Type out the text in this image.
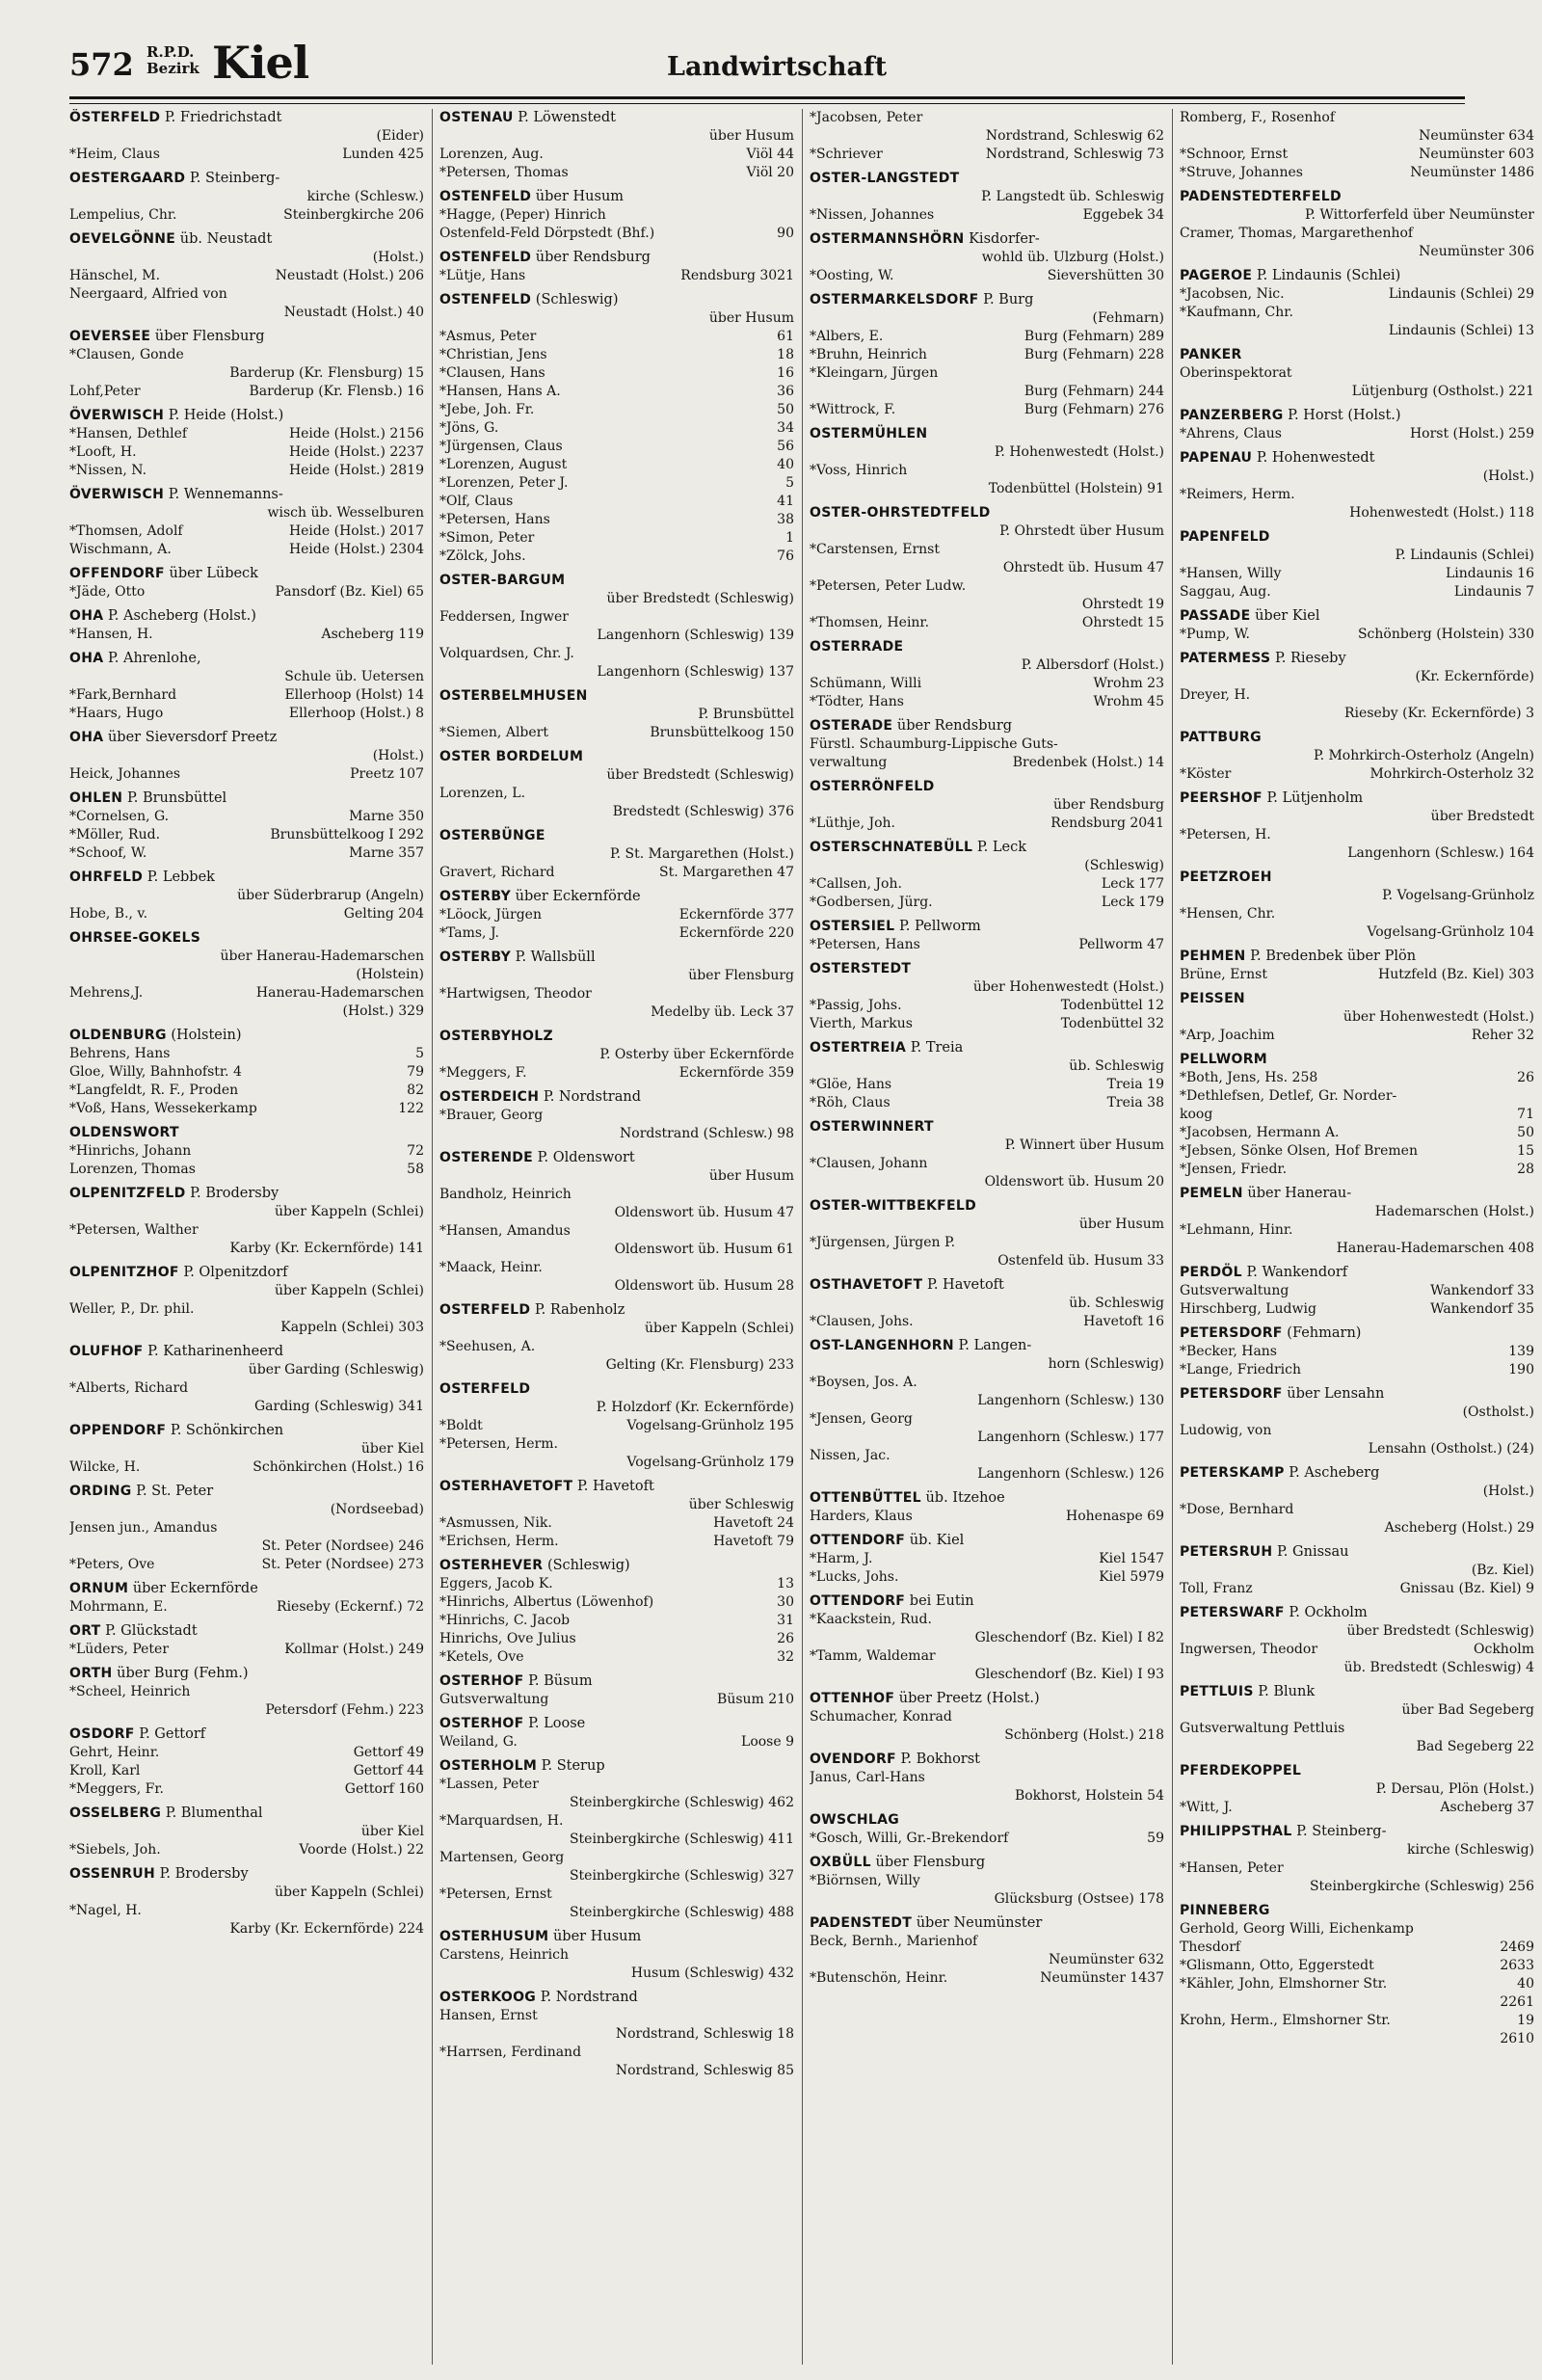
572 R.P.D.
Bezirk Kiel	Landwirtschaft
ÖSTERFELD P. Friedrichstadt
(Eider)
Lunden 425
*Heim, Claus
OESTERGAARD P. Steinberg-
kirche (Schlesw.)
Steinbergkirche 206
Lempelius, Chr.
OEVELGÖNNE üb. Neustadt
(Holst.)
Neustadt (Holst.) 206
Hänschel, M.
Neergaard, Alfried von
Neustadt (Holst.) 40
OEVERSEE über Flensburg
*Clausen, Gonde
Barderup (Kr. Flensburg) 15
Barderup (Kr. Flensb.) 16
Lohf,Peter
ÖVERWISCH P. Heide (Holst.)
Heide (Holst.) 2156
*Hansen, Dethlef
Heide (Holst.) 2237
*Looft, H.
Heide (Holst.) 2819
*Nissen, N.
ÖVERWISCH P. Wennemanns-
wisch üb. Wesselburen
Heide (Holst.) 2017
*Thomsen, Adolf
Heide (Holst.) 2304
Wischmann, A.
OFFENDORF über Lübeck
Pansdorf (Bz. Kiel) 65
*Jäde, Otto
OHA P. Ascheberg (Holst.)
Ascheberg 119
*Hansen, H.
OHA P. Ahrenlohe,
Schule üb. Uetersen
Ellerhoop (Holst) 14
*Fark,Bernhard
Ellerhoop (Holst.) 8
*Haars, Hugo
OHA über Sieversdorf Preetz
(Holst.)
Preetz 107
Heick, Johannes
OHLEN P. Brunsbüttel
Marne 350
*Cornelsen, G.
Brunsbüttelkoog I 292
*Möller, Rud.
Marne 357
*Schoof, W.
OHRFELD P. Lebbek
über Süderbrarup (Angeln)
Gelting 204
Hobe, B., v.
OHRSEE-GOKELS
über Hanerau-Hademarschen
(Holstein)
Hanerau-Hademarschen
Mehrens,J.
(Holst.) 329
OLDENBURG (Holstein)
5
Behrens, Hans
79
Gloe, Willy, Bahnhofstr. 4
82
*Langfeldt, R. F., Proden
122
*Voß, Hans, Wessekerkamp
OLDENSWORT
72
*Hinrichs, Johann
58
Lorenzen, Thomas
OLPENITZFELD P. Brodersby
über Kappeln (Schlei)
*Petersen, Walther
Karby (Kr. Eckernförde) 141
OLPENITZHOF P. Olpenitzdorf
über Kappeln (Schlei)
Weller, P., Dr. phil.
Kappeln (Schlei) 303
OLUFHOF P. Katharinenheerd
über Garding (Schleswig)
*Alberts, Richard
Garding (Schleswig) 341
OPPENDORF P. Schönkirchen
über Kiel
Schönkirchen (Holst.) 16
Wilcke, H.
ORDING P. St. Peter
(Nordseebad)
Jensen jun., Amandus
St. Peter (Nordsee) 246
St. Peter (Nordsee) 273
*Peters, Ove
ORNUM über Eckernförde
Rieseby (Eckernf.) 72
Mohrmann, E.
ORT P. Glückstadt
Kollmar (Holst.) 249
*Lüders, Peter
ORTH über Burg (Fehm.)
*Scheel, Heinrich
Petersdorf (Fehm.) 223
OSDORF P. Gettorf
Gettorf 49
Gehrt, Heinr.
Gettorf 44
Kroll, Karl
Gettorf 160
*Meggers, Fr.
OSSELBERG P. Blumenthal
über Kiel
Voorde (Holst.) 22
*Siebels, Joh.
OSSENRUH P. Brodersby
über Kappeln (Schlei)
*Nagel, H.
Karby (Kr. Eckernförde) 224
OSTENAU P. Löwenstedt
über Husum
Viöl 44
Lorenzen, Aug.
Viöl 20
*Petersen, Thomas
OSTENFELD über Husum
*Hagge, (Peper) Hinrich
90
Ostenfeld-Feld Dörpstedt (Bhf.)
OSTENFELD über Rendsburg
Rendsburg 3021
*Lütje, Hans
OSTENFELD (Schleswig)
über Husum
61
*Asmus, Peter
18
*Christian, Jens
16
*Clausen, Hans
36
*Hansen, Hans A.
50
*Jebe, Joh. Fr.
34
*Jöns, G.
56
*Jürgensen, Claus
40
*Lorenzen, August
5
*Lorenzen, Peter J.
41
*Olf, Claus
38
*Petersen, Hans
1
*Simon, Peter
76
*Zölck, Johs.
OSTER-BARGUM
über Bredstedt (Schleswig)
Feddersen, Ingwer
Langenhorn (Schleswig) 139
Volquardsen, Chr. J.
Langenhorn (Schleswig) 137
OSTERBELMHUSEN
P. Brunsbüttel
Brunsbüttelkoog 150
*Siemen, Albert
OSTER BORDELUM
über Bredstedt (Schleswig)
Lorenzen, L.
Bredstedt (Schleswig) 376
OSTERBÜNGE
P. St. Margarethen (Holst.)
St. Margarethen 47
Gravert, Richard
OSTERBY über Eckernförde
Eckernförde 377
*Löock, Jürgen
Eckernförde 220
*Tams, J.
OSTERBY P. Wallsbüll
über Flensburg
*Hartwigsen, Theodor
Medelby üb. Leck 37
OSTERBYHOLZ
P. Osterby über Eckernförde
Eckernförde 359
*Meggers, F.
OSTERDEICH P. Nordstrand
*Brauer, Georg
Nordstrand (Schlesw.) 98
OSTERENDE P. Oldenswort
über Husum
Bandholz, Heinrich
Oldenswort üb. Husum 47
*Hansen, Amandus
Oldenswort üb. Husum 61
*Maack, Heinr.
Oldenswort üb. Husum 28
OSTERFELD P. Rabenholz
über Kappeln (Schlei)
*Seehusen, A.
Gelting (Kr. Flensburg) 233
OSTERFELD
P. Holzdorf (Kr. Eckernförde)
Vogelsang-Grünholz 195
*Boldt
*Petersen, Herm.
Vogelsang-Grünholz 179
OSTERHAVETOFT P. Havetoft
über Schleswig
Havetoft 24
*Asmussen, Nik.
Havetoft 79
*Erichsen, Herm.
OSTERHEVER (Schleswig)
13
Eggers, Jacob K.
30
*Hinrichs, Albertus (Löwenhof)
31
*Hinrichs, C. Jacob
26
Hinrichs, Ove Julius
32
*Ketels, Ove
OSTERHOF P. Büsum
Büsum 210
Gutsverwaltung
OSTERHOF P. Loose
Loose 9
Weiland, G.
OSTERHOLM P. Sterup
*Lassen, Peter
Steinbergkirche (Schleswig) 462
*Marquardsen, H.
Steinbergkirche (Schleswig) 411
Martensen, Georg
Steinbergkirche (Schleswig) 327
*Petersen, Ernst
Steinbergkirche (Schleswig) 488
OSTERHUSUM über Husum
Carstens, Heinrich
Husum (Schleswig) 432
OSTERKOOG P. Nordstrand
Hansen, Ernst
Nordstrand, Schleswig 18
*Harrsen, Ferdinand
Nordstrand, Schleswig 85
*Jacobsen, Peter
Nordstrand, Schleswig 62
Nordstrand, Schleswig 73
*Schriever
OSTER-LANGSTEDT
P. Langstedt üb. Schleswig
Eggebek 34
*Nissen, Johannes
OSTERMANNSHÖRN Kisdorfer-
wohld üb. Ulzburg (Holst.)
Sievershütten 30
*Oosting, W.
OSTERMARKELSDORF P. Burg
(Fehmarn)
Burg (Fehmarn) 289
*Albers, E.
Burg (Fehmarn) 228
*Bruhn, Heinrich
*Kleingarn, Jürgen
Burg (Fehmarn) 244
Burg (Fehmarn) 276
*Wittrock, F.
OSTERMÜHLEN
P. Hohenwestedt (Holst.)
*Voss, Hinrich
Todenbüttel (Holstein) 91
OSTER-OHRSTEDTFELD
P. Ohrstedt über Husum
*Carstensen, Ernst
Ohrstedt üb. Husum 47
*Petersen, Peter Ludw.
Ohrstedt 19
Ohrstedt 15
*Thomsen, Heinr.
OSTERRADE
P. Albersdorf (Holst.)
Wrohm 23
Schümann, Willi
Wrohm 45
*Tödter, Hans
OSTERADE über Rendsburg
Fürstl. Schaumburg-Lippische Guts-
Bredenbek (Holst.) 14
verwaltung
OSTERRÖNFELD
über Rendsburg
Rendsburg 2041
*Lüthje, Joh.
OSTERSCHNATEBÜLL P. Leck
(Schleswig)
Leck 177
*Callsen, Joh.
Leck 179
*Godbersen, Jürg.
OSTERSIEL P. Pellworm
Pellworm 47
*Petersen, Hans
OSTERSTEDT
über Hohenwestedt (Holst.)
Todenbüttel 12
*Passig, Johs.
Todenbüttel 32
Vierth, Markus
OSTERTREIA P. Treia
üb. Schleswig
Treia 19
*Glöe, Hans
Treia 38
*Röh, Claus
OSTERWINNERT
P. Winnert über Husum
*Clausen, Johann
Oldenswort üb. Husum 20
OSTER-WITTBEKFELD
über Husum
*Jürgensen, Jürgen P.
Ostenfeld üb. Husum 33
OSTHAVETOFT P. Havetoft
üb. Schleswig
Havetoft 16
*Clausen, Johs.
OST-LANGENHORN P. Langen-
horn (Schleswig)
*Boysen, Jos. A.
Langenhorn (Schlesw.) 130
*Jensen, Georg
Langenhorn (Schlesw.) 177
Nissen, Jac.
Langenhorn (Schlesw.) 126
OTTENBÜTTEL üb. Itzehoe
Hohenaspe 69
Harders, Klaus
OTTENDORF üb. Kiel
Kiel 1547
*Harm, J.
Kiel 5979
*Lucks, Johs.
OTTENDORF bei Eutin
*Kaackstein, Rud.
Gleschendorf (Bz. Kiel) I 82
*Tamm, Waldemar
Gleschendorf (Bz. Kiel) I 93
OTTENHOF über Preetz (Holst.)
Schumacher, Konrad
Schönberg (Holst.) 218
OVENDORF P. Bokhorst
Janus, Carl-Hans
Bokhorst, Holstein 54
OWSCHLAG
59
*Gosch, Willi, Gr.-Brekendorf
OXBÜLL über Flensburg
*Biörnsen, Willy
Glücksburg (Ostsee) 178
PADENSTEDT über Neumünster
Beck, Bernh., Marienhof
Neumünster 632
Neumünster 1437
*Butenschön, Heinr.
Romberg, F., Rosenhof
Neumünster 634
Neumünster 603
*Schnoor, Ernst
Neumünster 1486
*Struve, Johannes
PADENSTEDTERFELD
P. Wittorferfeld über Neumünster
Cramer, Thomas, Margarethenhof
Neumünster 306
PAGEROE P. Lindaunis (Schlei)
Lindaunis (Schlei) 29
*Jacobsen, Nic.
*Kaufmann, Chr.
Lindaunis (Schlei) 13
PANKER
Oberinspektorat
Lütjenburg (Ostholst.) 221
PANZERBERG P. Horst (Holst.)
Horst (Holst.) 259
*Ahrens, Claus
PAPENAU P. Hohenwestedt
(Holst.)
*Reimers, Herm.
Hohenwestedt (Holst.) 118
PAPENFELD
P. Lindaunis (Schlei)
Lindaunis 16
*Hansen, Willy
Lindaunis 7
Saggau, Aug.
PASSADE über Kiel
Schönberg (Holstein) 330
*Pump, W.
PATERMESS P. Rieseby
(Kr. Eckernförde)
Dreyer, H.
Rieseby (Kr. Eckernförde) 3
PATTBURG
P. Mohrkirch-Osterholz (Angeln)
Mohrkirch-Osterholz 32
*Köster
PEERSHOF P. Lütjenholm
über Bredstedt
*Petersen, H.
Langenhorn (Schlesw.) 164
PEETZROEH
P. Vogelsang-Grünholz
*Hensen, Chr.
Vogelsang-Grünholz 104
PEHMEN P. Bredenbek über Plön
Hutzfeld (Bz. Kiel) 303
Brüne, Ernst
PEISSEN
über Hohenwestedt (Holst.)
Reher 32
*Arp, Joachim
PELLWORM
26
*Both, Jens, Hs. 258
*Dethlefsen, Detlef, Gr. Norder-
71
koog
50
*Jacobsen, Hermann A.
15
*Jebsen, Sönke Olsen, Hof Bremen
28
*Jensen, Friedr.
PEMELN über Hanerau-
Hademarschen (Holst.)
*Lehmann, Hinr.
Hanerau-Hademarschen 408
PERDÖL P. Wankendorf
Wankendorf 33
Gutsverwaltung
Wankendorf 35
Hirschberg, Ludwig
PETERSDORF (Fehmarn)
139
*Becker, Hans
190
*Lange, Friedrich
PETERSDORF über Lensahn
(Ostholst.)
Ludowig, von
Lensahn (Ostholst.) (24)
PETERSKAMP P. Ascheberg
(Holst.)
*Dose, Bernhard
Ascheberg (Holst.) 29
PETERSRUH P. Gnissau
(Bz. Kiel)
Gnissau (Bz. Kiel) 9
Toll, Franz
PETERSWARF P. Ockholm
über Bredstedt (Schleswig)
Ockholm
Ingwersen, Theodor
üb. Bredstedt (Schleswig) 4
PETTLUIS P. Blunk
über Bad Segeberg
Gutsverwaltung Pettluis
Bad Segeberg 22
PFERDEKOPPEL
P. Dersau, Plön (Holst.)
Ascheberg 37
*Witt, J.
PHILIPPSTHAL P. Steinberg-
kirche (Schleswig)
*Hansen, Peter
Steinbergkirche (Schleswig) 256
PINNEBERG
Gerhold, Georg Willi, Eichenkamp
2469
Thesdorf
2633
*Glismann, Otto, Eggerstedt
40
*Kähler, John, Elmshorner Str.
2261
19
Krohn, Herm., Elmshorner Str.
2610
